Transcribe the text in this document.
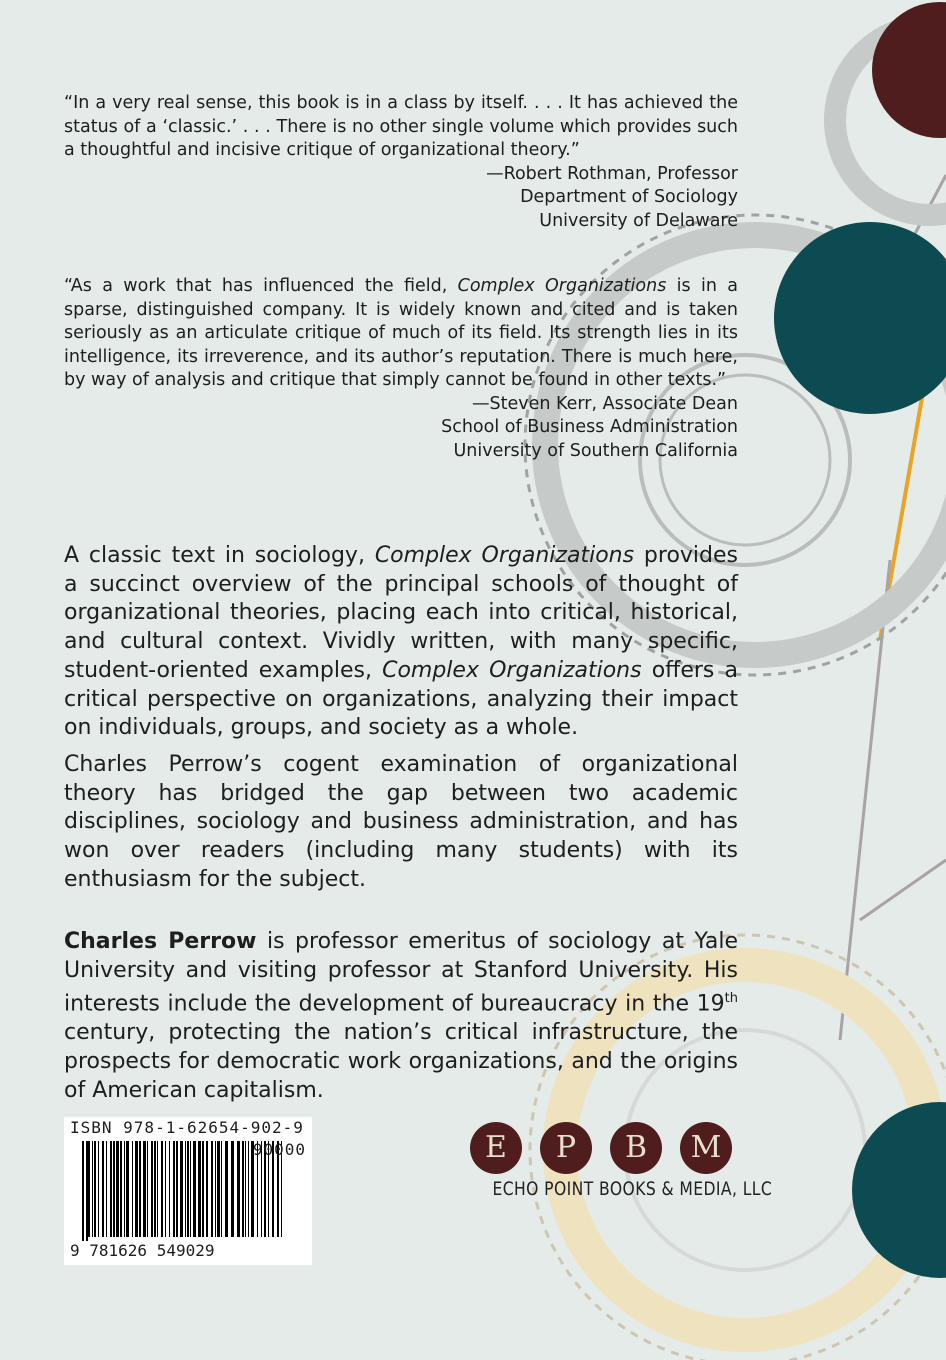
“In a very real sense, this book is in a class by itself. . . . It has achieved the status of a ‘classic.’ . . . There is no other single volume which provides such a thoughtful and incisive critique of organizational theory.”

—Robert Rothman, Professor
Department of Sociology
University of Delaware

“As a work that has influenced the field, Complex Organizations is in a sparse, distinguished company. It is widely known and cited and is taken seriously as an articulate critique of much of its field. Its strength lies in its intelligence, its irreverence, and its author’s reputation. There is much here, by way of analysis and critique that simply cannot be found in other texts.”

—Steven Kerr, Associate Dean
School of Business Administration
University of Southern California

A classic text in sociology, Complex Organizations provides a succinct overview of the principal schools of thought of organizational theories, placing each into critical, historical, and cultural context. Vividly written, with many specific, student-oriented examples, Complex Organizations offers a critical perspective on organizations, analyzing their impact on individuals, groups, and society as a whole.

Charles Perrow’s cogent examination of organizational theory has bridged the gap between two academic disciplines, sociology and business administration, and has won over readers (including many students) with its enthusiasm for the subject.

Charles Perrow is professor emeritus of sociology at Yale University and visiting professor at Stanford University. His interests include the development of bureaucracy in the 19th century, protecting the nation’s critical infrastructure, the prospects for democratic work organizations, and the origins of American capitalism.

ISBN 978-1-62654-902-9
90000
9 781626 549029
E	P	B	M
ECHO POINT BOOKS & MEDIA, LLC
